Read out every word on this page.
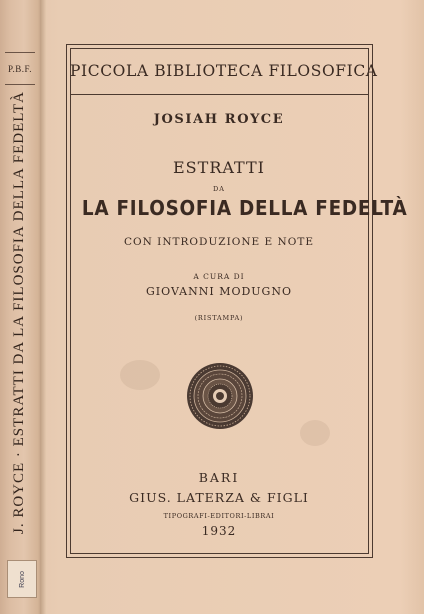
P.B.F.
J. ROYCE · ESTRATTI DA LA FILOSOFIA DELLA FEDELTÀ
Rono
PICCOLA BIBLIOTECA FILOSOFICA
JOSIAH ROYCE
ESTRATTI
DA
LA FILOSOFIA DELLA FEDELTÀ
CON INTRODUZIONE E NOTE
A CURA DI
GIOVANNI MODUGNO
(RISTAMPA)
BARI
GIUS. LATERZA & FIGLI
TIPOGRAFI-EDITORI-LIBRAI
1932
